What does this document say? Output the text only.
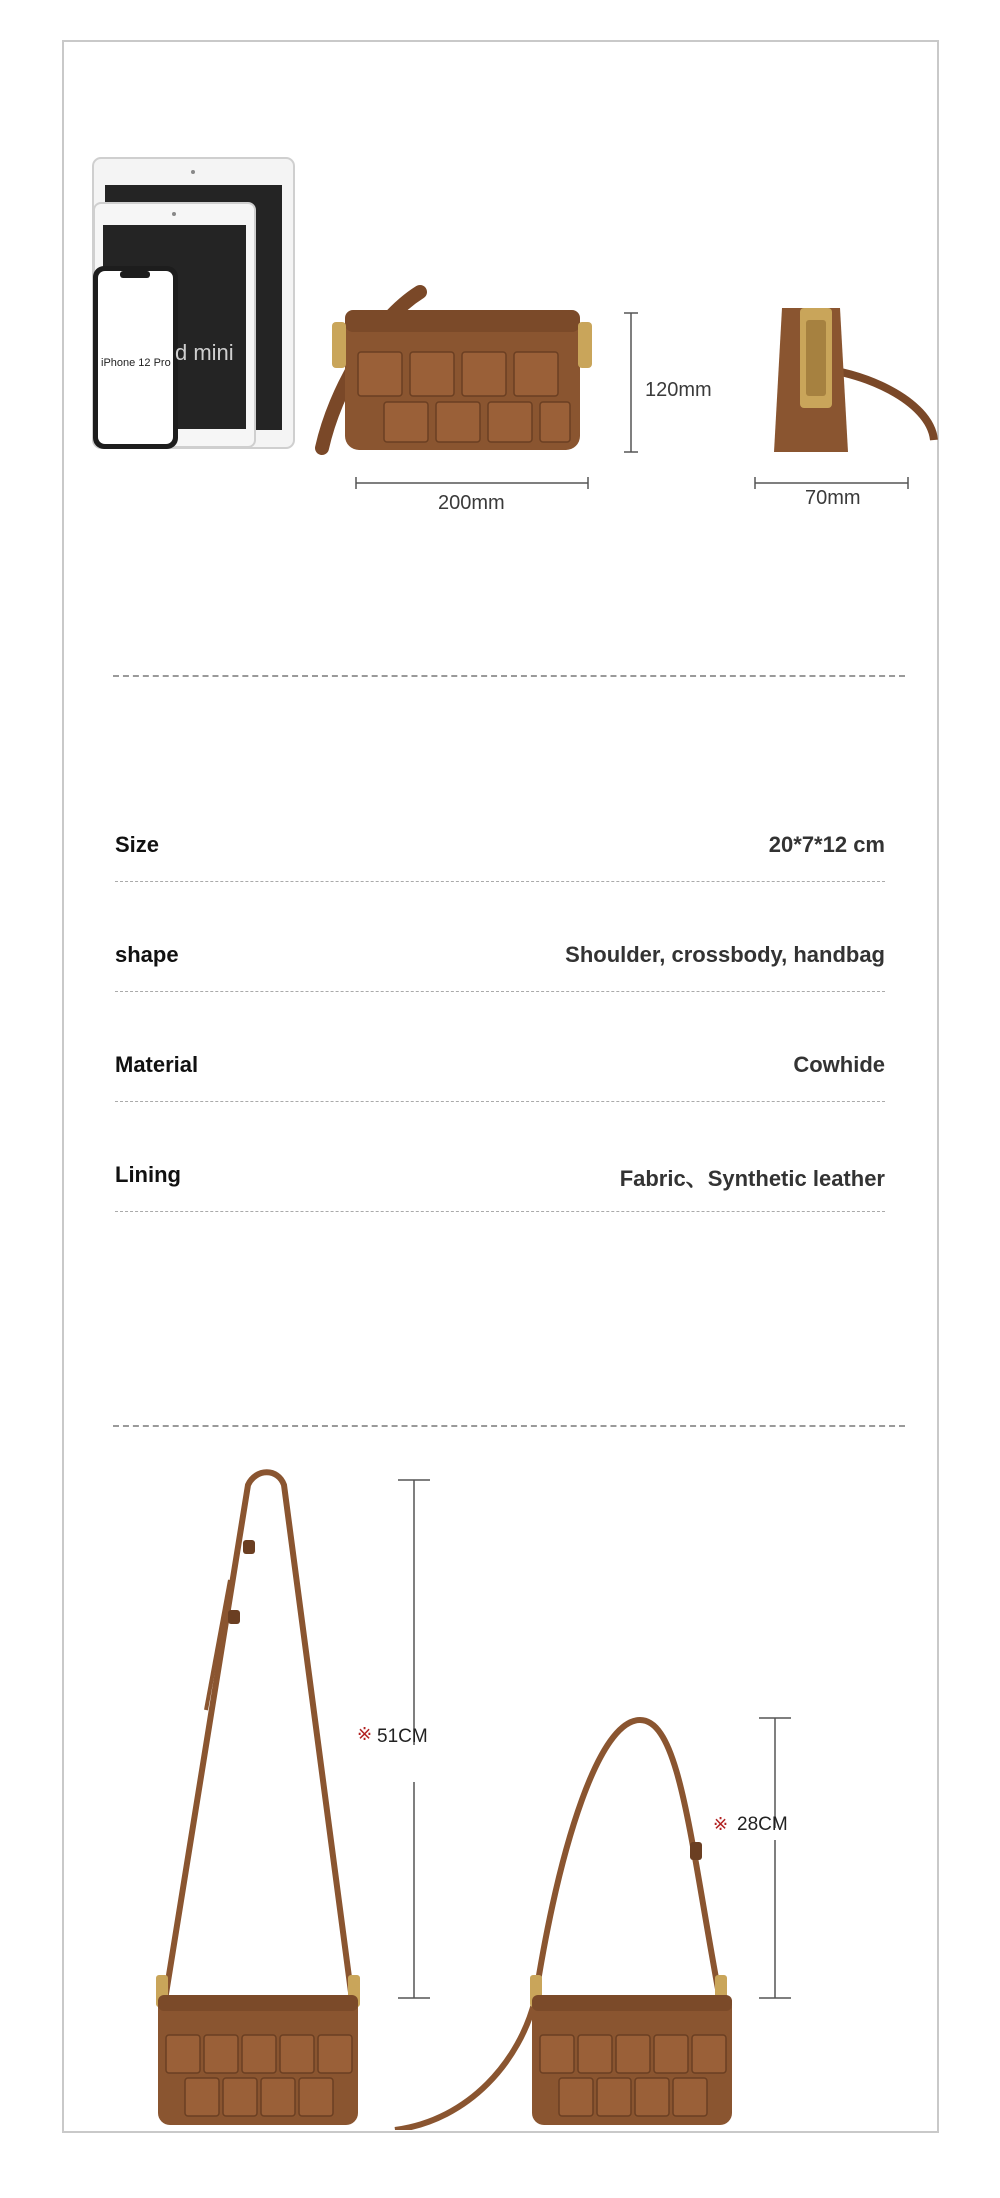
iPhone 12 Pro d mini
120mm
200mm	70mm
Size	20*7*12 cm
shape	Shoulder, crossbody, handbag
Material	Cowhide
Lining	Fabric、Synthetic leather
※ 51CM
※ 28CM
